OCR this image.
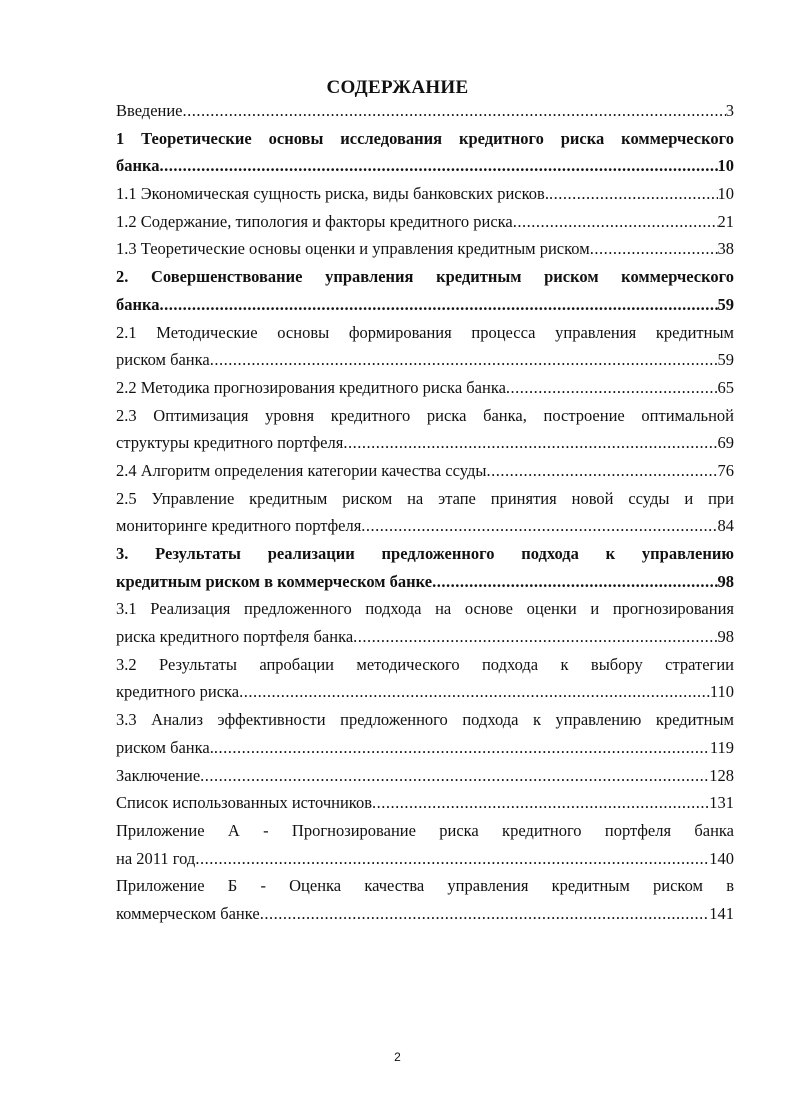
СОДЕРЖАНИЕ
Введение .....	3
1 Теоретические основы исследования кредитного риска коммерческого
банка .....	10
1.1 Экономическая сущность риска, виды банковских рисков. .....	10
1.2 Содержание, типология и факторы кредитного риска .....	21
1.3 Теоретические основы оценки и управления кредитным риском .....	38
2. Совершенствование управления кредитным риском коммерческого
банка .....	59
2.1 Методические основы формирования процесса управления кредитным
риском банка .....	59
2.2 Методика прогнозирования кредитного риска банка .....	65
2.3 Оптимизация уровня кредитного риска банка, построение оптимальной
структуры кредитного портфеля .....	69
2.4 Алгоритм определения категории качества ссуды .....	76
2.5 Управление кредитным риском на этапе принятия новой ссуды и при
мониторинге кредитного портфеля .....	84
3. Результаты реализации предложенного подхода к управлению
кредитным риском в коммерческом банке .....	98
3.1 Реализация предложенного подхода на основе оценки и прогнозирования
риска кредитного портфеля банка .....	98
3.2 Результаты апробации методического подхода к выбору стратегии
кредитного риска .....	110
3.3 Анализ эффективности предложенного подхода к управлению кредитным
риском банка. .....	119
Заключение .....	128
Список использованных источников .....	131
Приложение А - Прогнозирование риска кредитного портфеля банка
на 2011 год .....	140
Приложение Б - Оценка качества управления кредитным риском в
коммерческом банке .....	141
2
